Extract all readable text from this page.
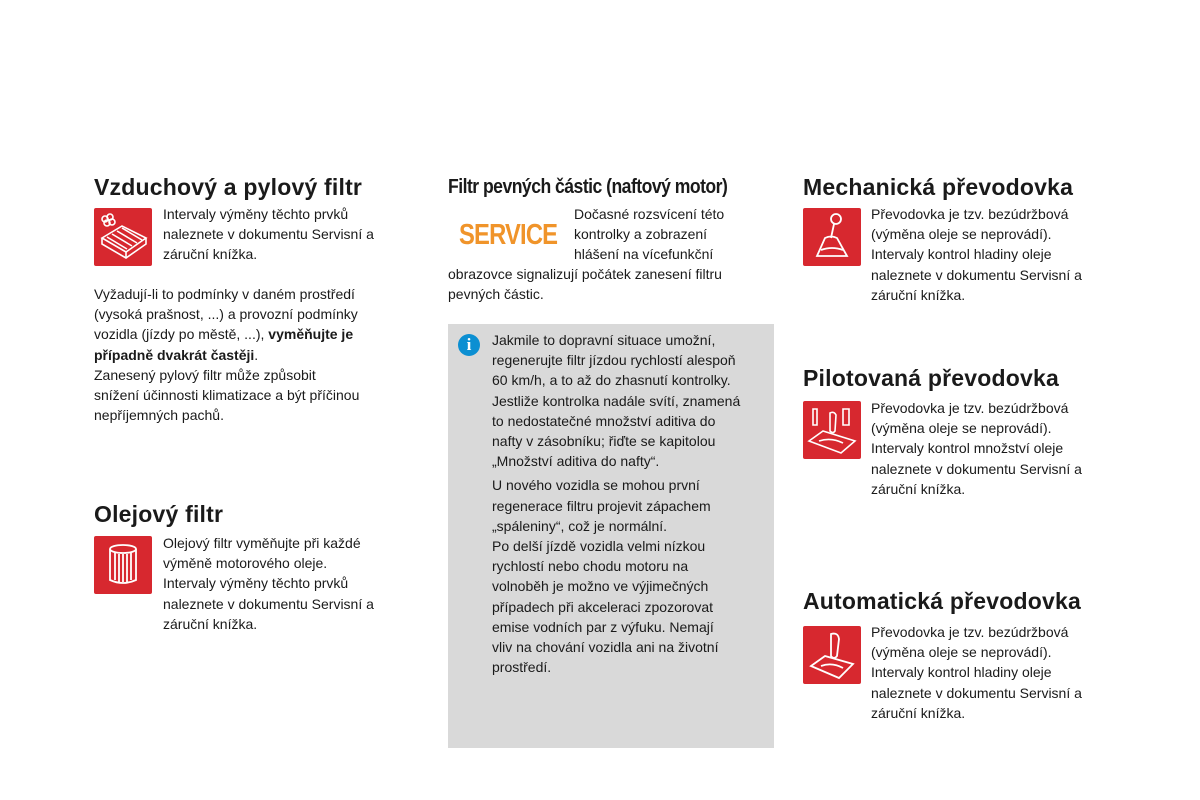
Vzduchový a pylový filtr

Intervaly výměny těchto prvků

naleznete v dokumentu Servisní a

záruční knížka.

Vyžadují-li to podmínky v daném prostředí

(vysoká prašnost, ...) a provozní podmínky

vozidla (jízdy po městě, ...), vyměňujte je

případně dvakrát častěji.

Zanesený pylový filtr může způsobit

snížení účinnosti klimatizace a být příčinou

nepříjemných pachů.

Olejový filtr

Olejový filtr vyměňujte při každé

výměně motorového oleje.

Intervaly výměny těchto prvků

naleznete v dokumentu Servisní a

záruční knížka.

Filtr pevných částic (naftový motor)
SERVICE

Dočasné rozsvícení této

kontrolky a zobrazení

hlášení na vícefunkční

obrazovce signalizují počátek zanesení filtru

pevných částic.

i	Jakmile to dopravní situace umožní,

regenerujte filtr jízdou rychlostí alespoň

60 km/h, a to až do zhasnutí kontrolky.

Jestliže kontrolka nadále svítí, znamená

to nedostatečné množství aditiva do

nafty v zásobníku; řiďte se kapitolou

„Množství aditiva do nafty“.

U nového vozidla se mohou první

regenerace filtru projevit zápachem

„spáleniny“, což je normální.

Po delší jízdě vozidla velmi nízkou

rychlostí nebo chodu motoru na

volnoběh je možno ve výjimečných

případech při akceleraci zpozorovat

emise vodních par z výfuku. Nemají

vliv na chování vozidla ani na životní

prostředí.

Mechanická převodovka

Převodovka je tzv. bezúdržbová

(výměna oleje se neprovádí).

Intervaly kontrol hladiny oleje

naleznete v dokumentu Servisní a

záruční knížka.

Pilotovaná převodovka

Převodovka je tzv. bezúdržbová

(výměna oleje se neprovádí).

Intervaly kontrol množství oleje

naleznete v dokumentu Servisní a

záruční knížka.

Automatická převodovka

Převodovka je tzv. bezúdržbová

(výměna oleje se neprovádí).

Intervaly kontrol hladiny oleje

naleznete v dokumentu Servisní a

záruční knížka.
